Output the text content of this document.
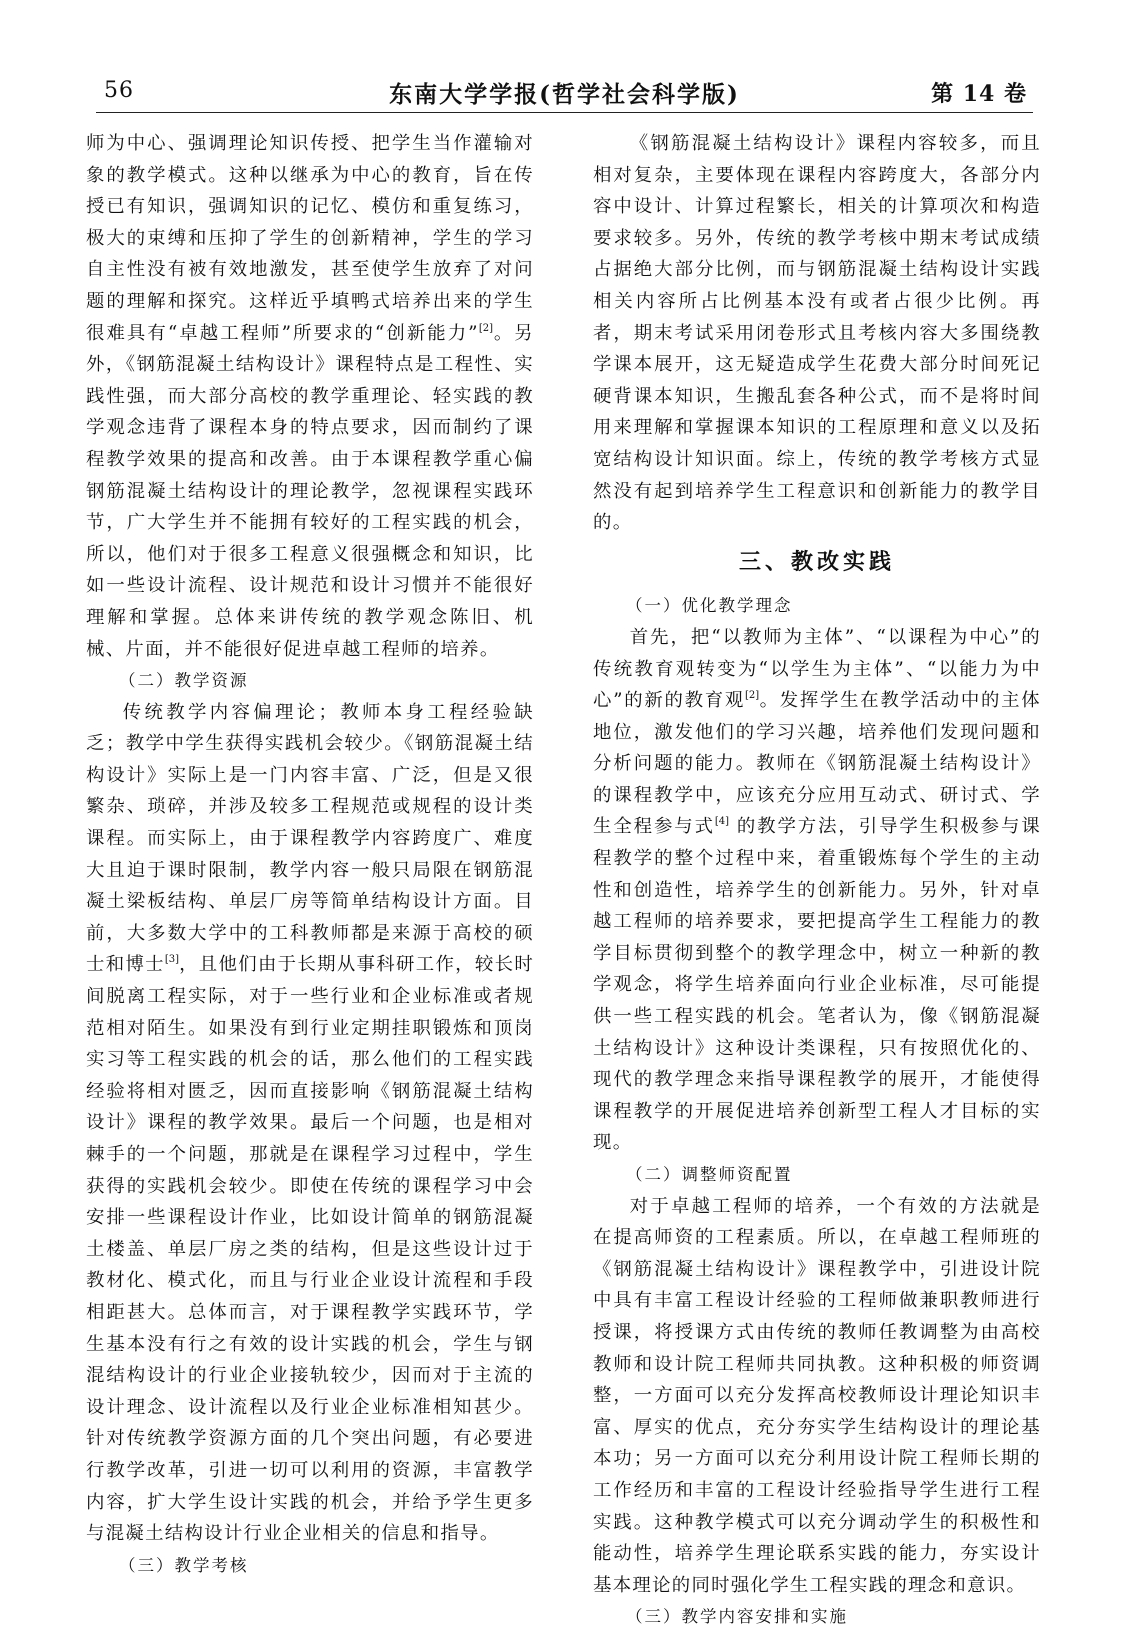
56	东南大学学报(哲学社会科学版)	第 14 卷

师为中心、强调理论知识传授、把学生当作灌输对象的教学模式。这种以继承为中心的教育，旨在传授已有知识，强调知识的记忆、模仿和重复练习，极大的束缚和压抑了学生的创新精神，学生的学习自主性没有被有效地激发，甚至使学生放弃了对问题的理解和探究。这样近乎填鸭式培养出来的学生很难具有“卓越工程师”所要求的“创新能力”[2]。另外，《钢筋混凝土结构设计》课程特点是工程性、实践性强，而大部分高校的教学重理论、轻实践的教学观念违背了课程本身的特点要求，因而制约了课程教学效果的提高和改善。由于本课程教学重心偏钢筋混凝土结构设计的理论教学，忽视课程实践环节，广大学生并不能拥有较好的工程实践的机会，所以，他们对于很多工程意义很强概念和知识，比如一些设计流程、设计规范和设计习惯并不能很好理解和掌握。总体来讲传统的教学观念陈旧、机械、片面，并不能很好促进卓越工程师的培养。

（二）教学资源

传统教学内容偏理论；教师本身工程经验缺乏；教学中学生获得实践机会较少。《钢筋混凝土结构设计》实际上是一门内容丰富、广泛，但是又很繁杂、琐碎，并涉及较多工程规范或规程的设计类课程。而实际上，由于课程教学内容跨度广、难度大且迫于课时限制，教学内容一般只局限在钢筋混凝土梁板结构、单层厂房等简单结构设计方面。目前，大多数大学中的工科教师都是来源于高校的硕士和博士[3]，且他们由于长期从事科研工作，较长时间脱离工程实际，对于一些行业和企业标准或者规范相对陌生。如果没有到行业定期挂职锻炼和顶岗实习等工程实践的机会的话，那么他们的工程实践经验将相对匮乏，因而直接影响《钢筋混凝土结构设计》课程的教学效果。最后一个问题，也是相对棘手的一个问题，那就是在课程学习过程中，学生获得的实践机会较少。即使在传统的课程学习中会安排一些课程设计作业，比如设计简单的钢筋混凝土楼盖、单层厂房之类的结构，但是这些设计过于教材化、模式化，而且与行业企业设计流程和手段相距甚大。总体而言，对于课程教学实践环节，学生基本没有行之有效的设计实践的机会，学生与钢混结构设计的行业企业接轨较少，因而对于主流的设计理念、设计流程以及行业企业标准相知甚少。针对传统教学资源方面的几个突出问题，有必要进行教学改革，引进一切可以利用的资源，丰富教学内容，扩大学生设计实践的机会，并给予学生更多与混凝土结构设计行业企业相关的信息和指导。

（三）教学考核

《钢筋混凝土结构设计》课程内容较多，而且相对复杂，主要体现在课程内容跨度大，各部分内容中设计、计算过程繁长，相关的计算项次和构造要求较多。另外，传统的教学考核中期末考试成绩占据绝大部分比例，而与钢筋混凝土结构设计实践相关内容所占比例基本没有或者占很少比例。再者，期末考试采用闭卷形式且考核内容大多围绕教学课本展开，这无疑造成学生花费大部分时间死记硬背课本知识，生搬乱套各种公式，而不是将时间用来理解和掌握课本知识的工程原理和意义以及拓宽结构设计知识面。综上，传统的教学考核方式显然没有起到培养学生工程意识和创新能力的教学目的。

三、教改实践
（一）优化教学理念

首先，把“以教师为主体”、“以课程为中心”的传统教育观转变为“以学生为主体”、“以能力为中心”的新的教育观[2]。发挥学生在教学活动中的主体地位，激发他们的学习兴趣，培养他们发现问题和分析问题的能力。教师在《钢筋混凝土结构设计》的课程教学中，应该充分应用互动式、研讨式、学生全程参与式[4] 的教学方法，引导学生积极参与课程教学的整个过程中来，着重锻炼每个学生的主动性和创造性，培养学生的创新能力。另外，针对卓越工程师的培养要求，要把提高学生工程能力的教学目标贯彻到整个的教学理念中，树立一种新的教学观念，将学生培养面向行业企业标准，尽可能提供一些工程实践的机会。笔者认为，像《钢筋混凝土结构设计》这种设计类课程，只有按照优化的、现代的教学理念来指导课程教学的展开，才能使得课程教学的开展促进培养创新型工程人才目标的实现。

（二）调整师资配置

对于卓越工程师的培养，一个有效的方法就是在提高师资的工程素质。所以，在卓越工程师班的《钢筋混凝土结构设计》课程教学中，引进设计院中具有丰富工程设计经验的工程师做兼职教师进行授课，将授课方式由传统的教师任教调整为由高校教师和设计院工程师共同执教。这种积极的师资调整，一方面可以充分发挥高校教师设计理论知识丰富、厚实的优点，充分夯实学生结构设计的理论基本功；另一方面可以充分利用设计院工程师长期的工作经历和丰富的工程设计经验指导学生进行工程实践。这种教学模式可以充分调动学生的积极性和能动性，培养学生理论联系实践的能力，夯实设计基本理论的同时强化学生工程实践的理念和意识。

（三）教学内容安排和实施
